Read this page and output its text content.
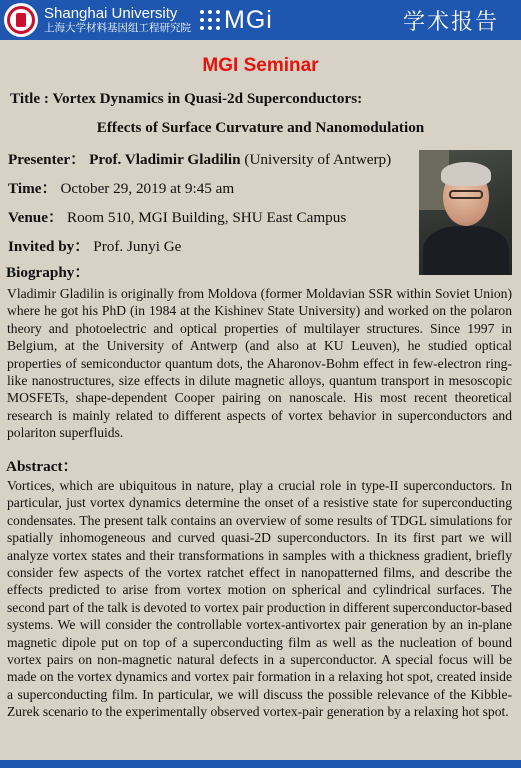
Shanghai University
上海大学材料基因组工程研究院 MGi	学术报告
MGI Seminar
Title : Vortex Dynamics in Quasi-2d Superconductors:
Effects of Surface Curvature and Nanomodulation
Presenter： Prof. Vladimir Gladilin (University of Antwerp)
Time： October 29, 2019 at 9:45 am
Venue： Room 510, MGI Building, SHU East Campus
Invited by： Prof. Junyi Ge
Biography：
Vladimir Gladilin is originally from Moldova (former Moldavian SSR within Soviet Union) where he got his PhD (in 1984 at the Kishinev State University) and worked on the polaron theory and photoelectric and optical properties of multilayer structures. Since 1997 in Belgium, at the University of Antwerp (and also at KU Leuven), he studied optical properties of semiconductor quantum dots, the Aharonov-Bohm effect in few-electron ring-like nanostructures, size effects in dilute magnetic alloys, quantum transport in mesoscopic MOSFETs, shape-dependent Cooper pairing on nanoscale. His most recent theoretical research is mainly related to different aspects of vortex behavior in superconductors and polariton superfluids.
Abstract：
Vortices, which are ubiquitous in nature, play a crucial role in type-II superconductors. In particular, just vortex dynamics determine the onset of a resistive state for superconducting condensates. The present talk contains an overview of some results of TDGL simulations for spatially inhomogeneous and curved quasi-2D superconductors. In its first part we will analyze vortex states and their transformations in samples with a thickness gradient, briefly consider few aspects of the vortex ratchet effect in nanopatterned films, and describe the effects predicted to arise from vortex motion on spherical and cylindrical surfaces. The second part of the talk is devoted to vortex pair production in different superconductor-based systems. We will consider the controllable vortex-antivortex pair generation by an in-plane magnetic dipole put on top of a superconducting film as well as the nucleation of bound vortex pairs on non-magnetic natural defects in a superconductor. A special focus will be made on the vortex dynamics and vortex pair formation in a relaxing hot spot, created inside a superconducting film. In particular, we will discuss the possible relevance of the Kibble-Zurek scenario to the experimentally observed vortex-pair generation by a relaxing hot spot.
